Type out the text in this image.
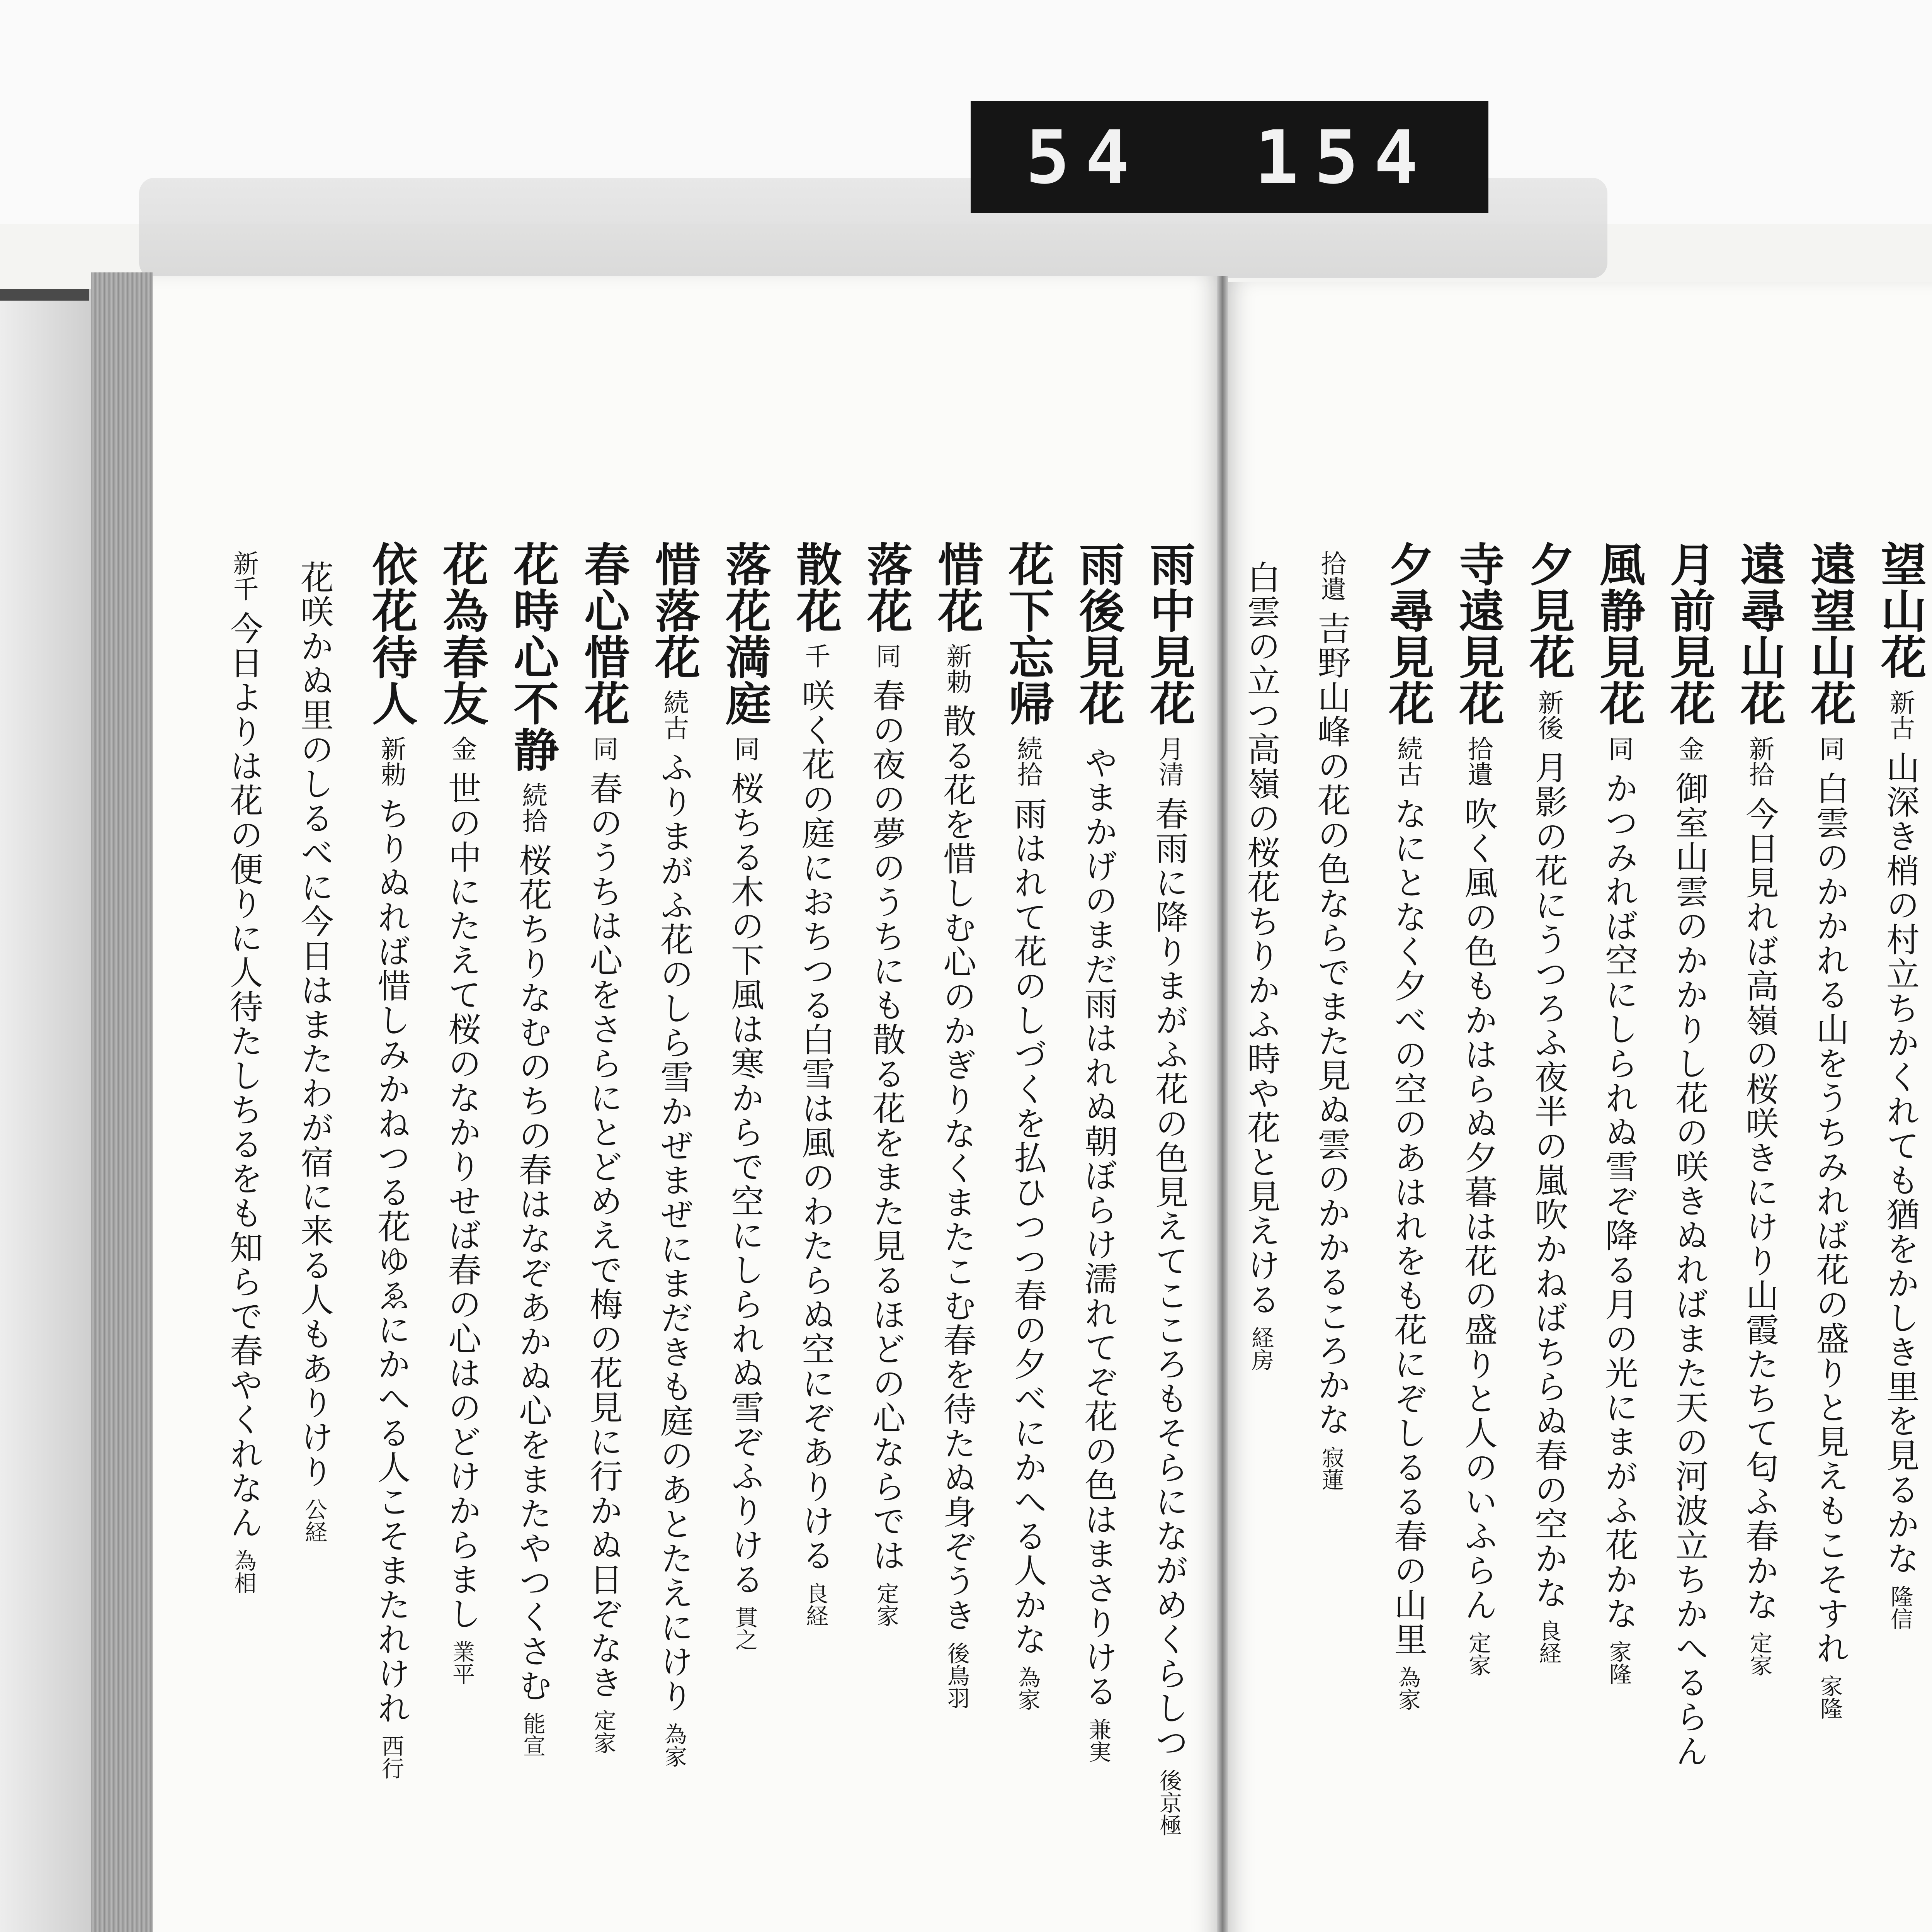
54 154
望山花新古山深き梢の村立ちかくれても猶をかしき里を見るかな隆信
遠望山花同白雲のかかれる山をうちみれば花の盛りと見えもこそすれ家隆
遠尋山花新拾今日見れば高嶺の桜咲きにけり山霞たちて匂ふ春かな定家
月前見花金御室山雲のかかりし花の咲きぬればまた天の河波立ちかへるらん
風静見花同かつみれば空にしられぬ雪ぞ降る月の光にまがふ花かな家隆
夕見花新後月影の花にうつろふ夜半の嵐吹かねばちらぬ春の空かな良経
寺遠見花拾遺吹く風の色もかはらぬ夕暮は花の盛りと人のいふらん定家
夕尋見花続古なにとなく夕べの空のあはれをも花にぞしるる春の山里為家
拾遺吉野山峰の花の色ならでまた見ぬ雲のかかるころかな寂蓮
白雲の立つ高嶺の桜花ちりかふ時や花と見えける経房
雨中見花月清春雨に降りまがふ花の色見えてこころもそらにながめくらしつ後京極
雨後見花やまかげのまだ雨はれぬ朝ぼらけ濡れてぞ花の色はまさりける兼実
花下忘帰続拾雨はれて花のしづくを払ひつつ春の夕べにかへる人かな為家
惜花新勅散る花を惜しむ心のかぎりなくまたこむ春を待たぬ身ぞうき後鳥羽
落花同春の夜の夢のうちにも散る花をまた見るほどの心ならでは定家
散花千咲く花の庭におちつる白雪は風のわたらぬ空にぞありける良経
落花満庭同桜ちる木の下風は寒からで空にしられぬ雪ぞふりける貫之
惜落花続古ふりまがふ花のしら雪かぜまぜにまだきも庭のあとたえにけり為家
春心惜花同春のうちは心をさらにとどめえで梅の花見に行かぬ日ぞなき定家
花時心不静続拾桜花ちりなむのちの春はなぞあかぬ心をまたやつくさむ能宣
花為春友金世の中にたえて桜のなかりせば春の心はのどけからまし業平
依花待人新勅ちりぬれば惜しみかねつる花ゆゑにかへる人こそまたれけれ西行
花咲かぬ里のしるべに今日はまたわが宿に来る人もありけり公経
新千今日よりは花の便りに人待たしちるをも知らで春やくれなん為相
